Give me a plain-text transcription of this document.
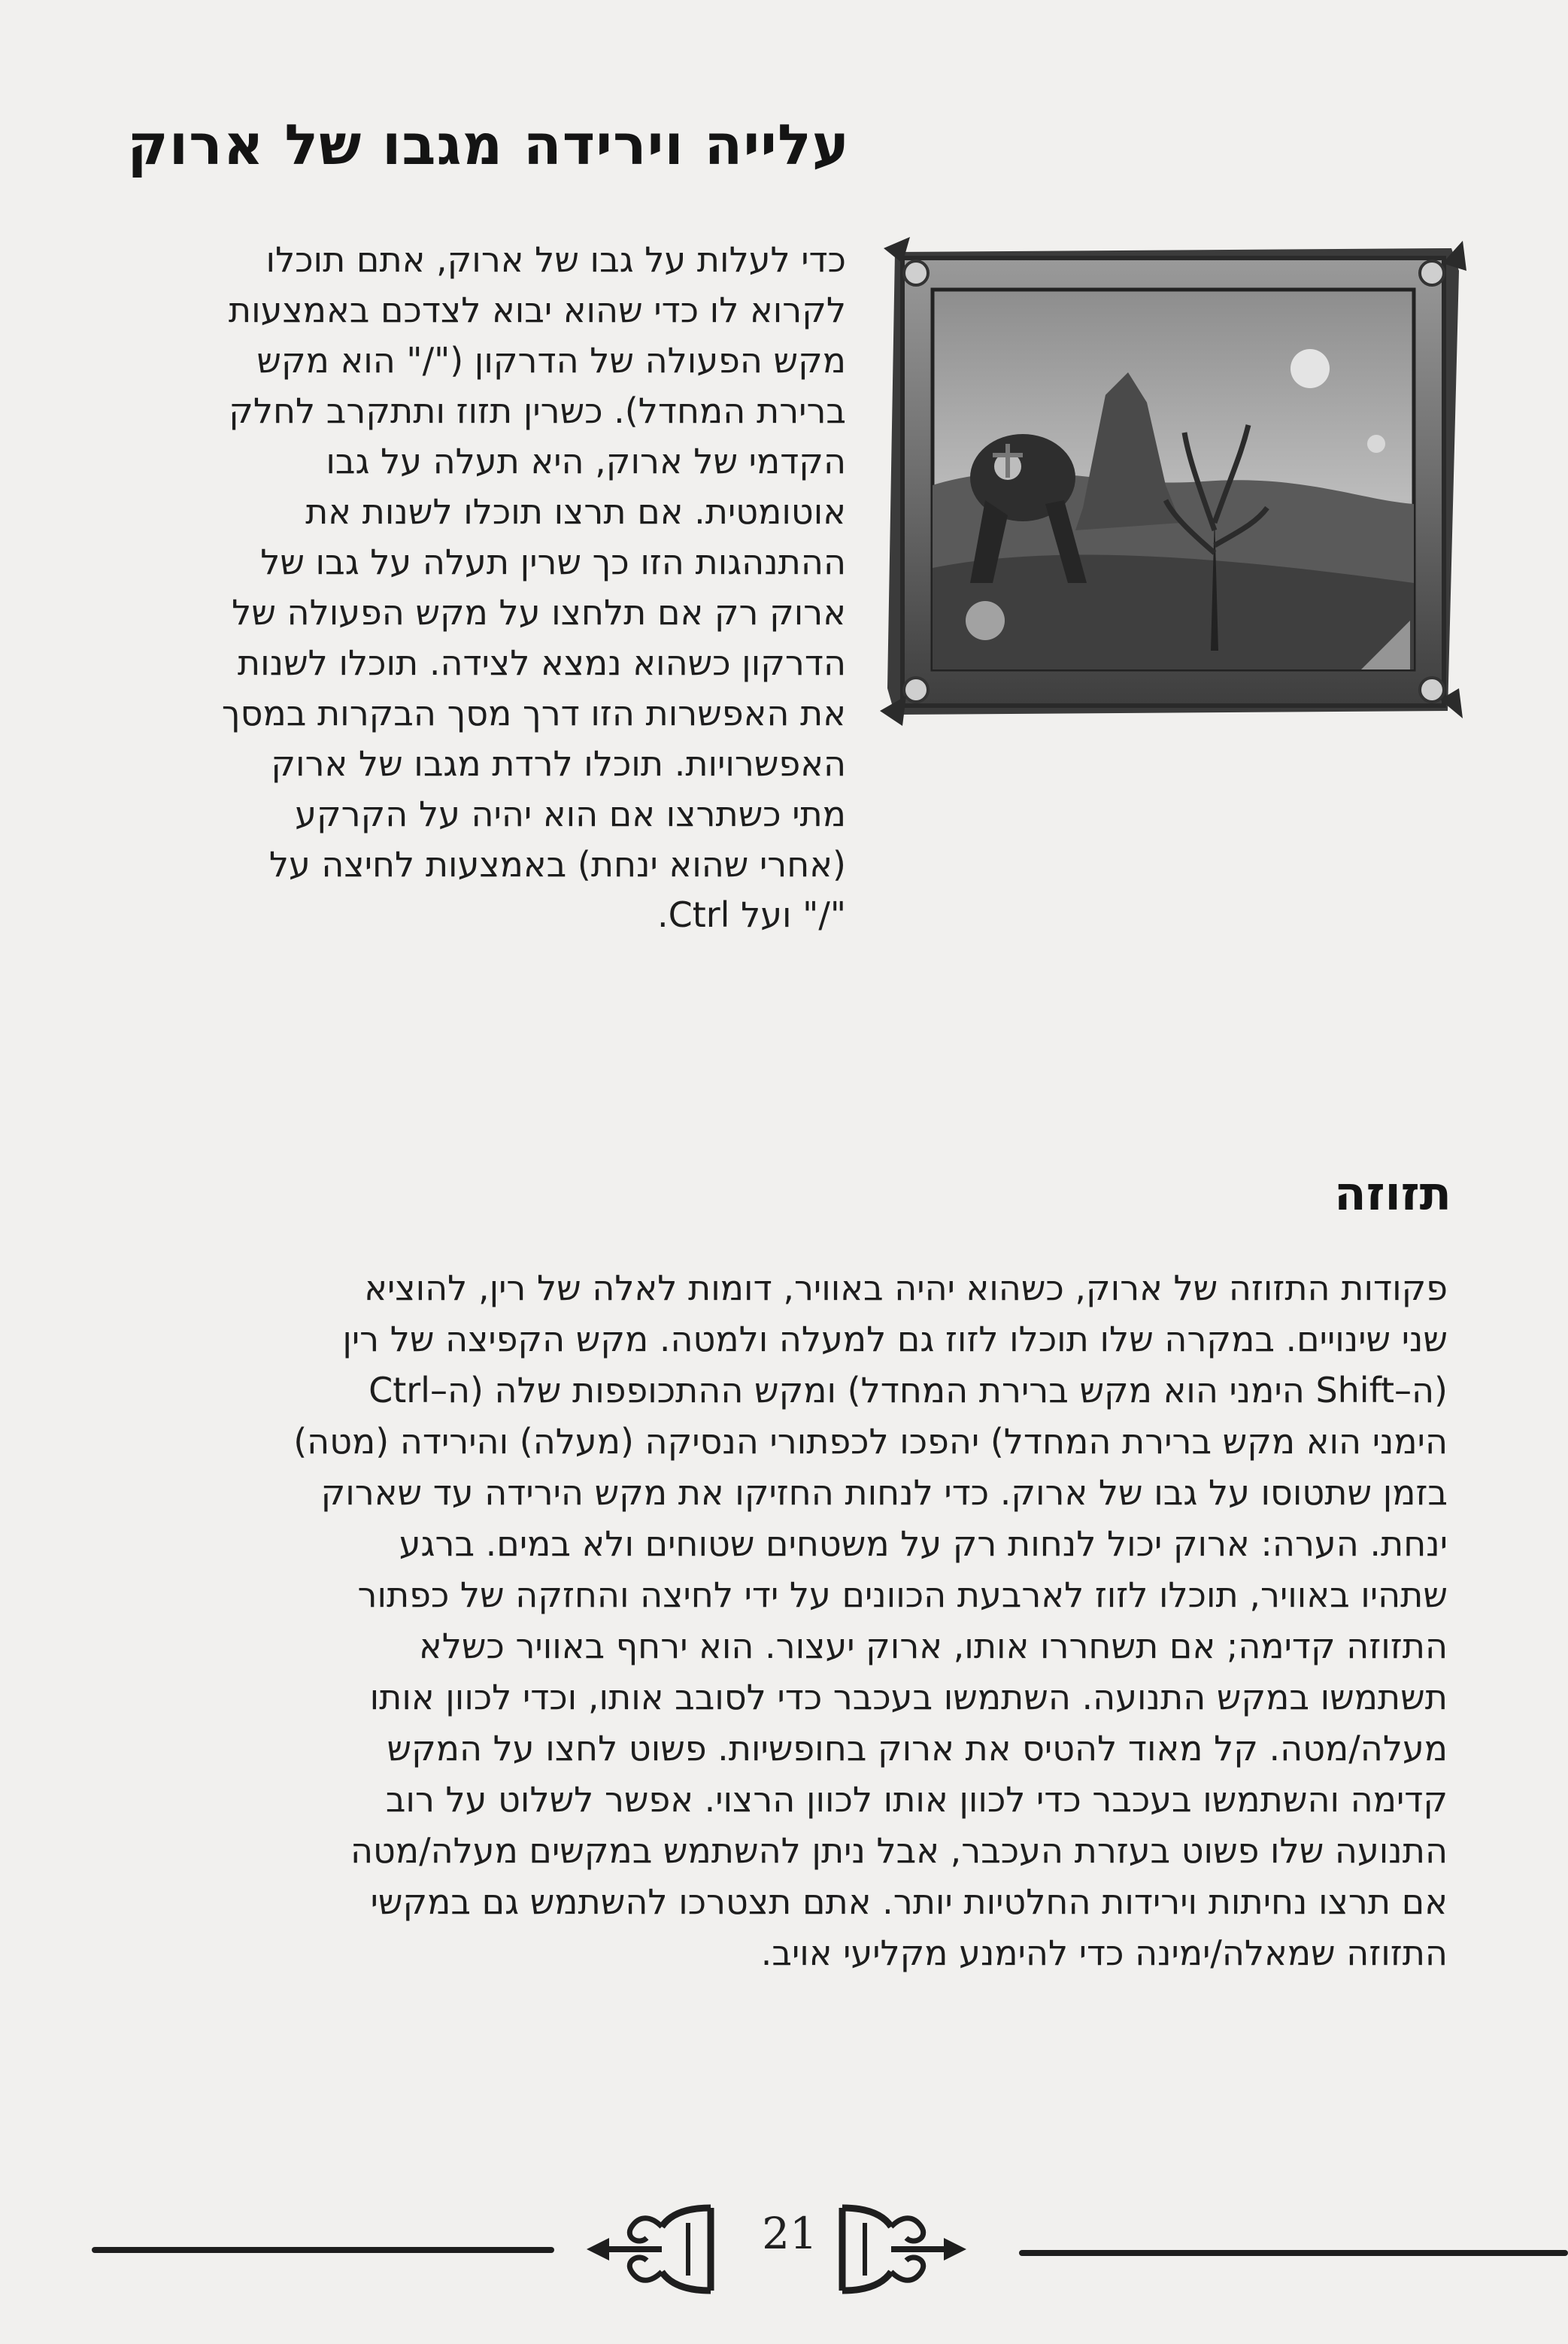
עלייה וירידה מגבו של ארוק
כדי לעלות על גבו של ארוק, אתם תוכלו
לקרוא לו כדי שהוא יבוא לצדכם באמצעות
מקש הפעולה של הדרקון ("/" הוא מקש
ברירת המחדל). כשרין תזוז ותתקרב לחלק
הקדמי של ארוק, היא תעלה על גבו
אוטומטית. אם תרצו תוכלו לשנות את
ההתנהגות הזו כך שרין תעלה על גבו של
ארוק רק אם תלחצו על מקש הפעולה של
הדרקון כשהוא נמצא לצידה. תוכלו לשנות
את האפשרות הזו דרך מסך הבקרות במסך
האפשרויות. תוכלו לרדת מגבו של ארוק
מתי כשתרצו אם הוא יהיה על הקרקע
(אחרי שהוא ינחת) באמצעות לחיצה על
"/" ועל Ctrl.
תזוזה
פקודות התזוזה של ארוק, כשהוא יהיה באוויר, דומות לאלה של רין, להוציא
שני שינויים. במקרה שלו תוכלו לזוז גם למעלה ולמטה. מקש הקפיצה של רין
(ה–Shift הימני הוא מקש ברירת המחדל) ומקש ההתכופפות שלה (ה–Ctrl
הימני הוא מקש ברירת המחדל) יהפכו לכפתורי הנסיקה (מעלה) והירידה (מטה)
בזמן שתטוסו על גבו של ארוק. כדי לנחות החזיקו את מקש הירידה עד שארוק
ינחת. הערה: ארוק יכול לנחות רק על משטחים שטוחים ולא במים. ברגע
שתהיו באוויר, תוכלו לזוז לארבעת הכוונים על ידי לחיצה והחזקה של כפתור
התזוזה קדימה; אם תשחררו אותו, ארוק יעצור. הוא ירחף באוויר כשלא
תשתמשו במקש התנועה. השתמשו בעכבר כדי לסובב אותו, וכדי לכוון אותו
מעלה/מטה. קל מאוד להטיס את ארוק בחופשיות. פשוט לחצו על המקש
קדימה והשתמשו בעכבר כדי לכוון אותו לכוון הרצוי. אפשר לשלוט על רוב
התנועה שלו פשוט בעזרת העכבר, אבל ניתן להשתמש במקשים מעלה/מטה
אם תרצו נחיתות וירידות החלטיות יותר. אתם תצטרכו להשתמש גם במקשי
התזוזה שמאלה/ימינה כדי להימנע מקליעי אויב.
21
